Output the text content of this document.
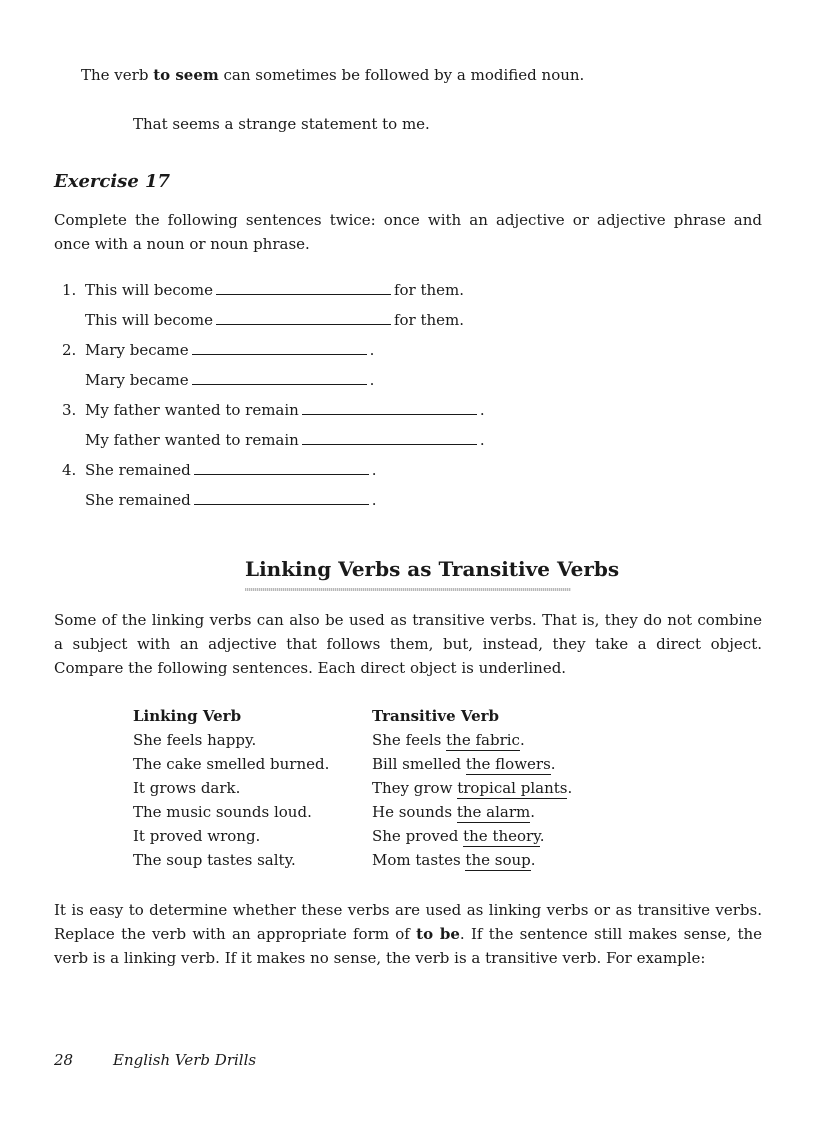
The verb to seem can sometimes be followed by a modified noun.
That seems a strange statement to me.
Exercise 17
Complete the following sentences twice: once with an adjective or adjective phrase and once with a noun or noun phrase.
1. This will become	for them.
This will become	for them.
2. Mary became	.
Mary became	.
3. My father wanted to remain	.
My father wanted to remain	.
4. She remained	.
She remained	.
Linking Verbs as Transitive Verbs
Some of the linking verbs can also be used as transitive verbs. That is, they do not combine a subject with an adjective that follows them, but, instead, they take a direct object. Compare the following sentences. Each direct object is underlined.
Linking Verb	Transitive Verb
She feels happy.	She feels the fabric.
The cake smelled burned.	Bill smelled the flowers.
It grows dark.	They grow tropical plants.
The music sounds loud.	He sounds the alarm.
It proved wrong.	She proved the theory.
The soup tastes salty.	Mom tastes the soup.
It is easy to determine whether these verbs are used as linking verbs or as transitive verbs. Replace the verb with an appropriate form of to be. If the sentence still makes sense, the verb is a linking verb. If it makes no sense, the verb is a transitive verb. For example:
28	English Verb Drills
